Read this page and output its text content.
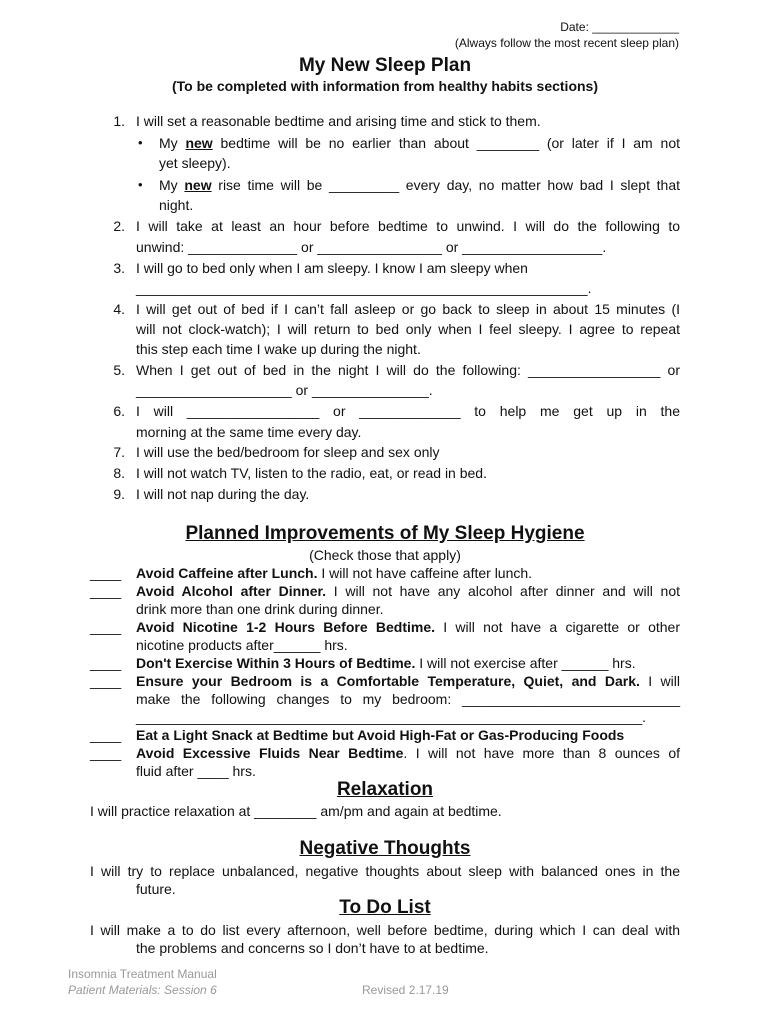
Date: _____________
(Always follow the most recent sleep plan)
My New Sleep Plan
(To be completed with information from healthy habits sections)
1. I will set a reasonable bedtime and arising time and stick to them.
• My new bedtime will be no earlier than about ________ (or later if I am not
yet sleepy).
• My new rise time will be _________ every day, no matter how bad I slept that
night.
2. I will take at least an hour before bedtime to unwind. I will do the following to
unwind: ______________ or ________________ or __________________.
3. I will go to bed only when I am sleepy. I know I am sleepy when
__________________________________________________________.
4. I will get out of bed if I can’t fall asleep or go back to sleep in about 15 minutes (I
will not clock-watch); I will return to bed only when I feel sleepy. I agree to repeat
this step each time I wake up during the night.
5. When I get out of bed in the night I will do the following: _________________ or
____________________ or _______________.
6. I will _________________ or _____________ to help me get up in the
morning at the same time every day.
7. I will use the bed/bedroom for sleep and sex only
8. I will not watch TV, listen to the radio, eat, or read in bed.
9. I will not nap during the day.
Planned Improvements of My Sleep Hygiene
(Check those that apply)
____ Avoid Caffeine after Lunch. I will not have caffeine after lunch.
____ Avoid Alcohol after Dinner. I will not have any alcohol after dinner and will not
drink more than one drink during dinner.
____ Avoid Nicotine 1-2 Hours Before Bedtime. I will not have a cigarette or other
nicotine products after______ hrs.
____ Don't Exercise Within 3 Hours of Bedtime. I will not exercise after ______ hrs.
____ Ensure your Bedroom is a Comfortable Temperature, Quiet, and Dark. I will
make the following changes to my bedroom: ____________________________
_________________________________________________________________.
____ Eat a Light Snack at Bedtime but Avoid High-Fat or Gas-Producing Foods
____ Avoid Excessive Fluids Near Bedtime. I will not have more than 8 ounces of
fluid after ____ hrs.
Relaxation
I will practice relaxation at ________ am/pm and again at bedtime.
Negative Thoughts
I will try to replace unbalanced, negative thoughts about sleep with balanced ones in the
future.
To Do List
I will make a to do list every afternoon, well before bedtime, during which I can deal with
the problems and concerns so I don’t have to at bedtime.
Insomnia Treatment Manual
Patient Materials: Session 6	Revised 2.17.19
